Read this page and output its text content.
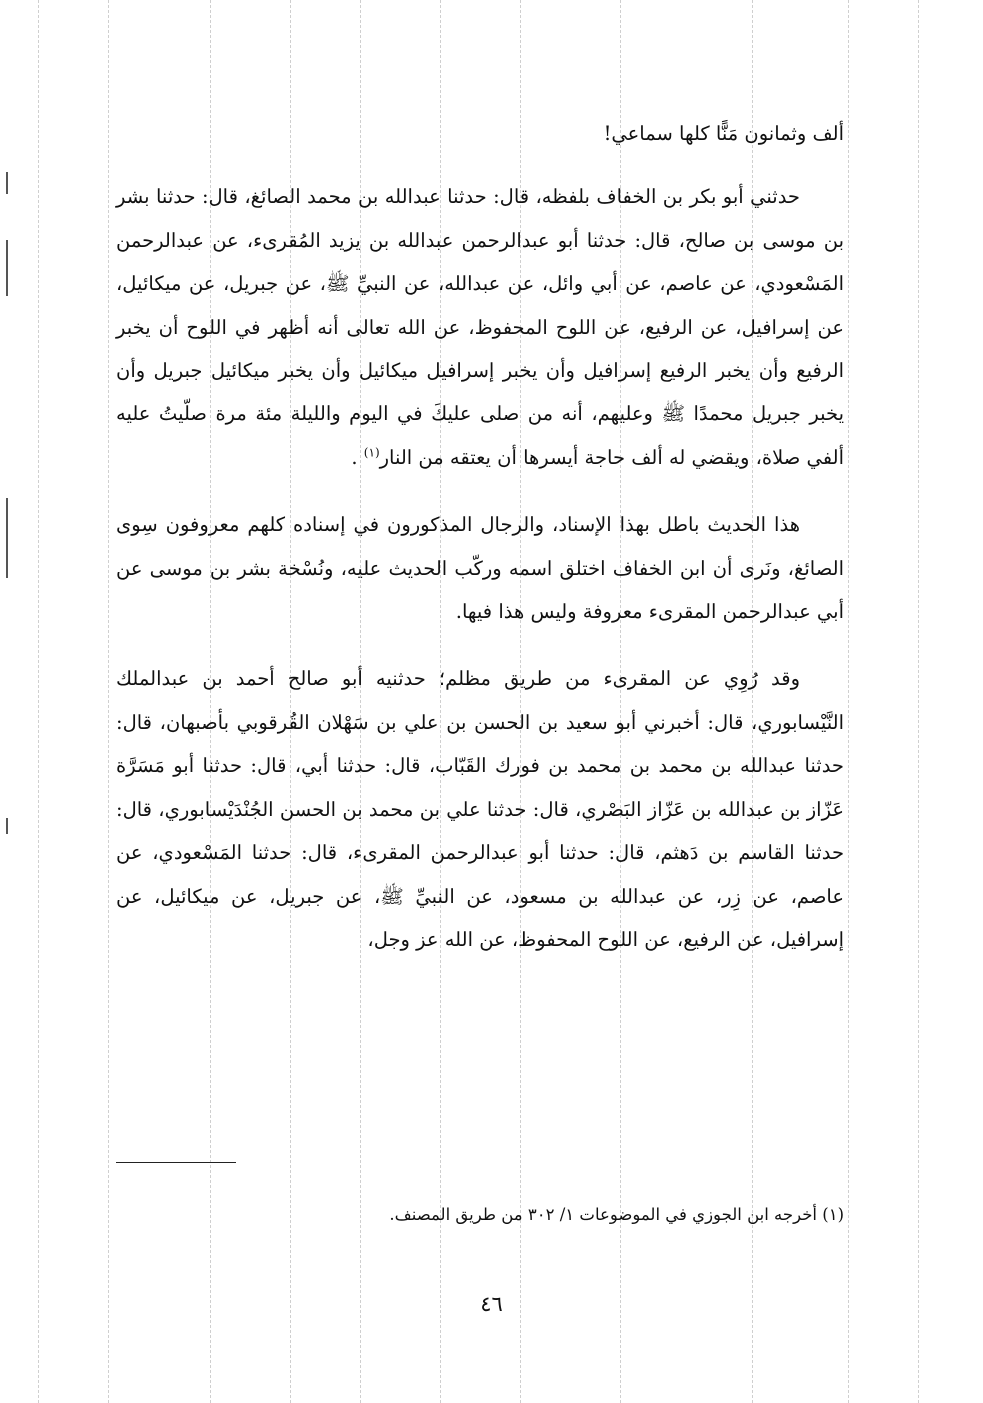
ألف وثمانون مَنًّا كلها سماعي!

حدثني أبو بكر بن الخفاف بلفظه، قال: حدثنا عبدالله بن محمد الصائغ، قال: حدثنا بشر بن موسى بن صالح، قال: حدثنا أبو عبدالرحمن عبدالله بن يزيد المُقرىء، عن عبدالرحمن المَسْعودي، عن عاصم، عن أبي وائل، عن عبدالله، عن النبيِّ ﷺ، عن جبريل، عن ميكائيل، عن إسرافيل، عن الرفيع، عن اللوح المحفوظ، عن الله تعالى أنه أظهر في اللوح أن يخبر الرفيع وأن يخبر الرفيع إسرافيل وأن يخبر إسرافيل ميكائيل وأن يخبر ميكائيل جبريل وأن يخبر جبريل محمدًا ﷺ وعليهم، أنه من صلى عليكَ في اليوم والليلة مئة مرة صلّيتُ عليه ألفي صلاة، ويقضي له ألف حاجة أيسرها أن يعتقه من النار$^{(١)}$ .

هذا الحديث باطل بهذا الإسناد، والرجال المذكورون في إسناده كلهم معروفون سِوى الصائغ، ونَرى أن ابن الخفاف اختلق اسمه وركّب الحديث عليه، ونُسْخة بشر بن موسى عن أبي عبدالرحمن المقرىء معروفة وليس هذا فيها.

وقد رُوِي عن المقرىء من طريق مظلم؛ حدثنيه أبو صالح أحمد بن عبدالملك النَّيْسابوري، قال: أخبرني أبو سعيد بن الحسن بن علي بن سَهْلان القُرقوبي بأصبهان، قال: حدثنا عبدالله بن محمد بن محمد بن فورك القَبّاب، قال: حدثنا أبي، قال: حدثنا أبو مَسَرَّة عَزّاز بن عبدالله بن عَزّاز البَصْري، قال: حدثنا علي بن محمد بن الحسن الجُنْدَيْسابوري، قال: حدثنا القاسم بن دَهثم، قال: حدثنا أبو عبدالرحمن المقرىء، قال: حدثنا المَسْعودي، عن عاصم، عن زِر، عن عبدالله بن مسعود، عن النبيِّ ﷺ، عن جبريل، عن ميكائيل، عن إسرافيل، عن الرفيع، عن اللوح المحفوظ، عن الله عز وجل،

(١) أخرجه ابن الجوزي في الموضوعات ١/ ٣٠٢ من طريق المصنف.
٤٦
